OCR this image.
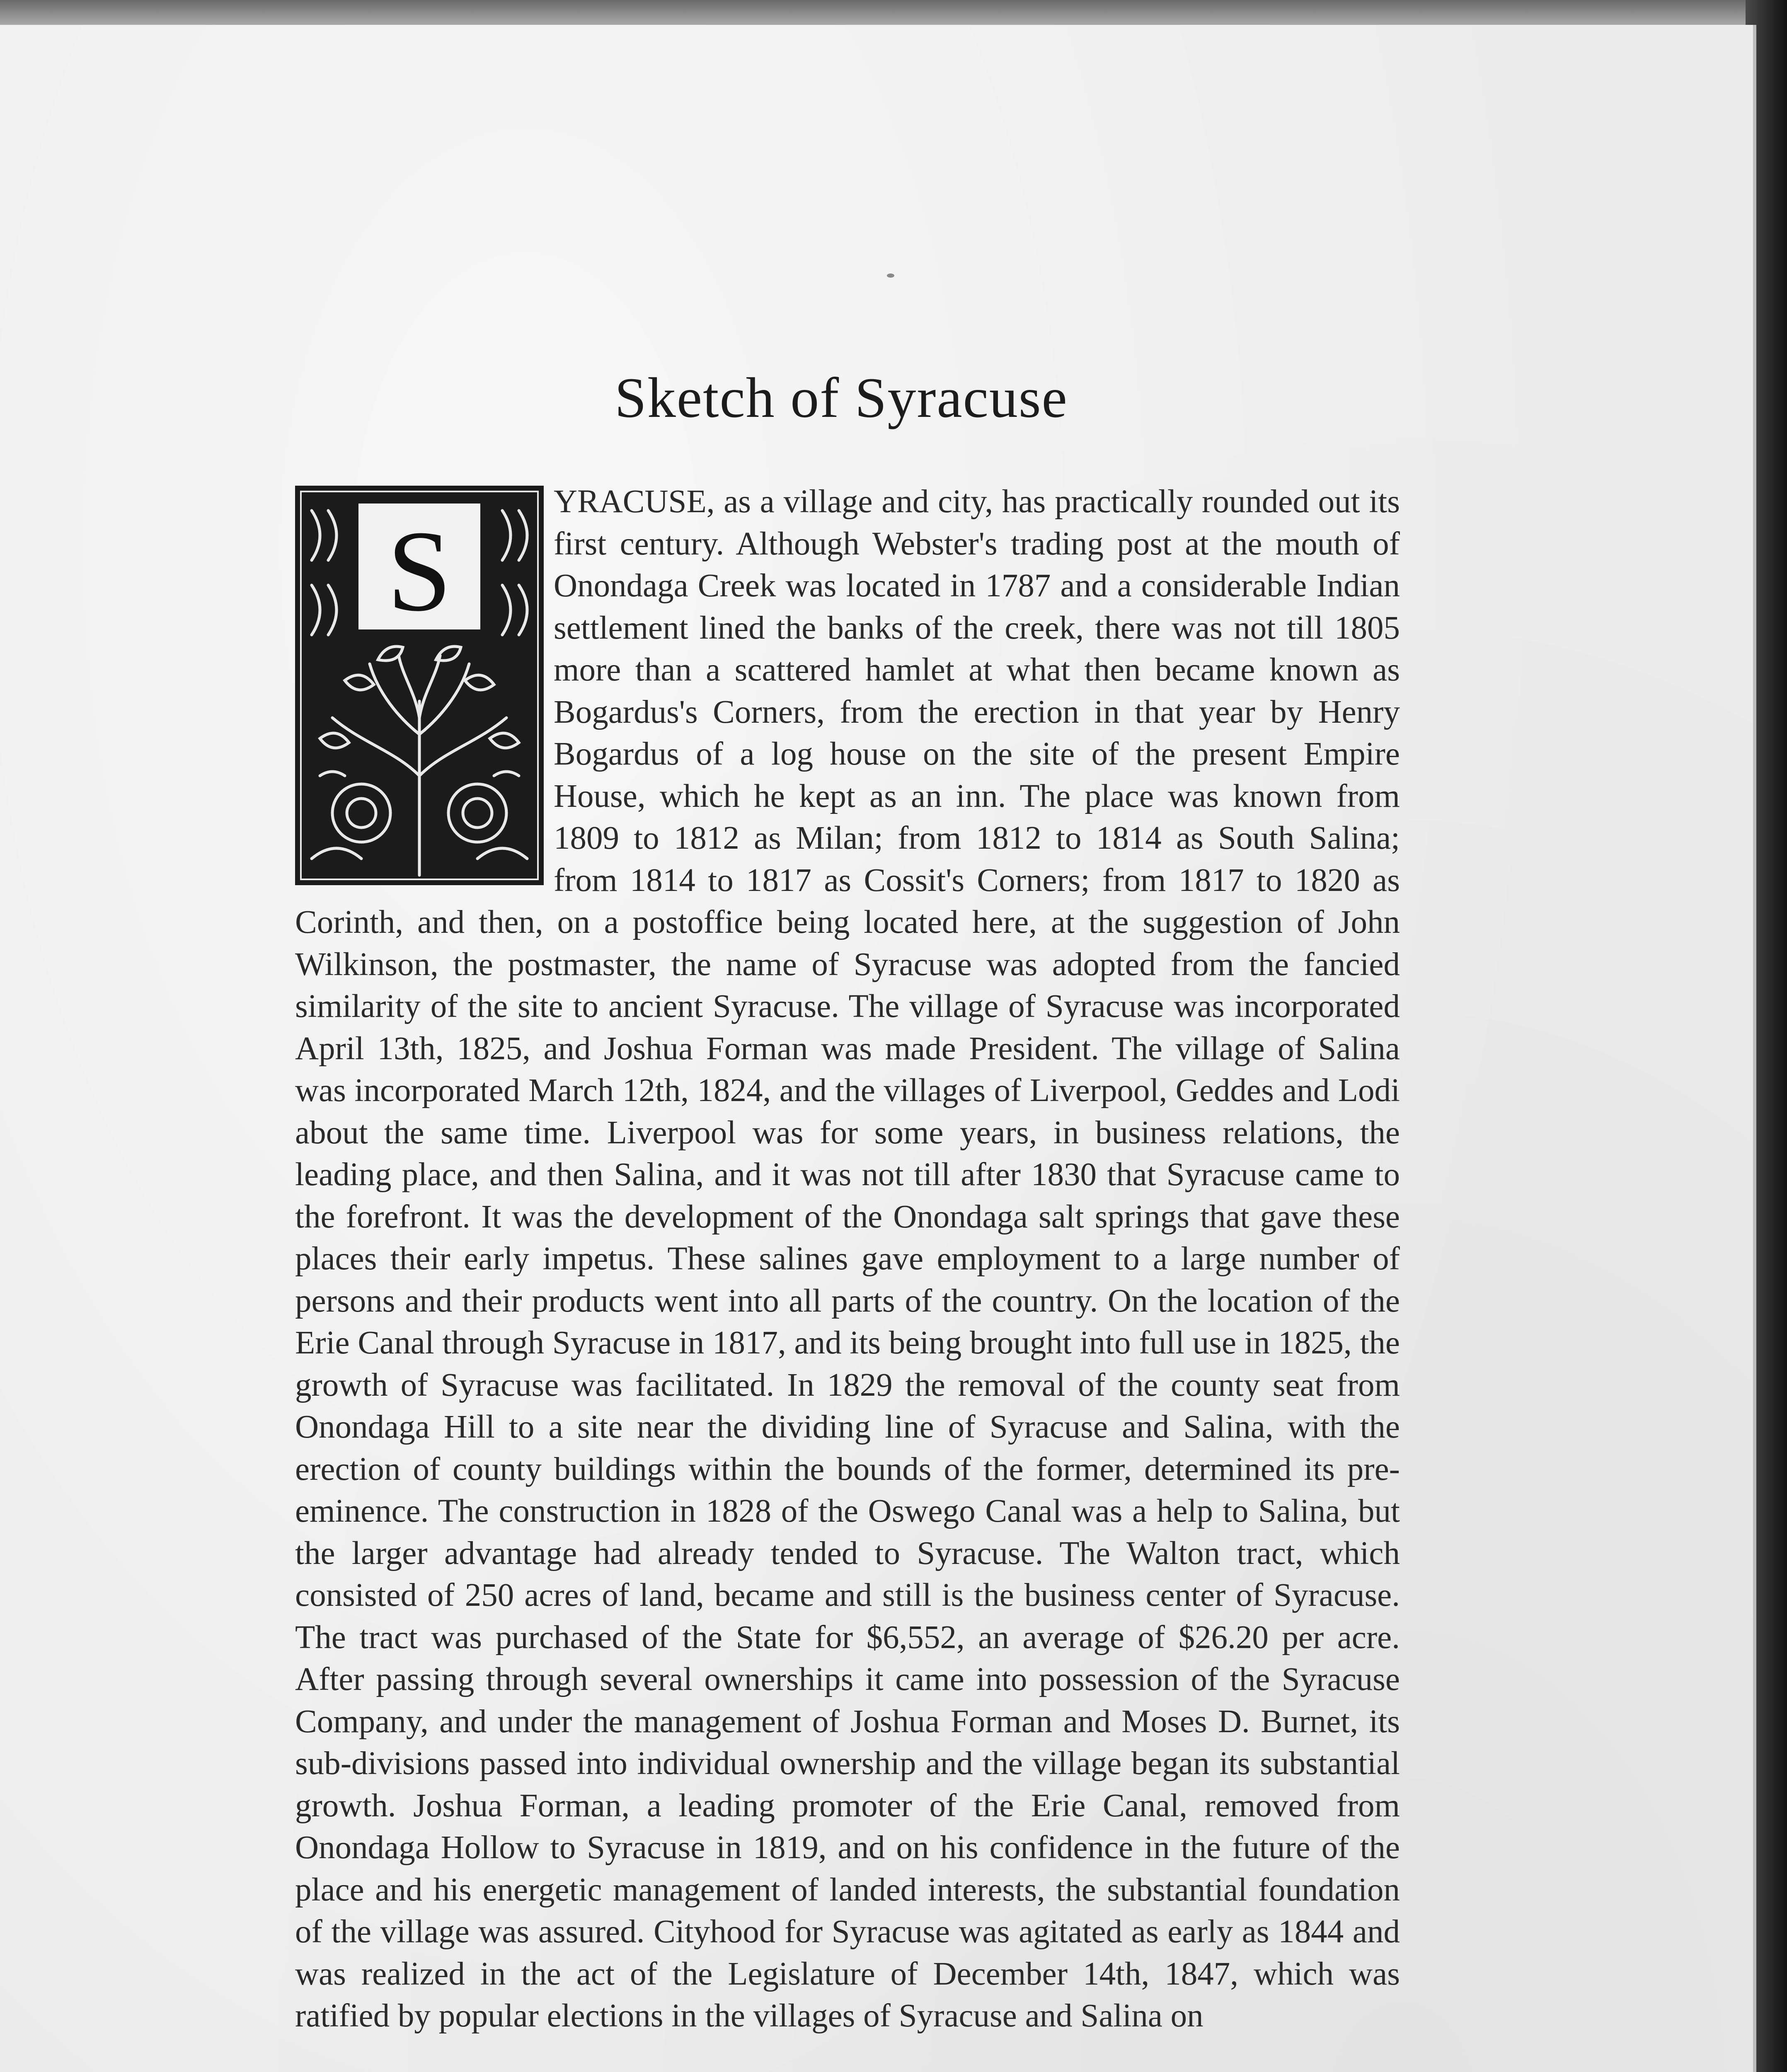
Sketch of Syracuse
S
YRACUSE, as a village and city, has practically rounded out its first century. Although Webster's trading post at the mouth of Onondaga Creek was located in 1787 and a considerable Indian settlement lined the banks of the creek, there was not till 1805 more than a scattered hamlet at what then became known as Bogardus's Corners, from the erection in that year by Henry Bogardus of a log house on the site of the present Empire House, which he kept as an inn. The place was known from 1809 to 1812 as Milan; from 1812 to 1814 as South Salina; from 1814 to 1817 as Cossit's Corners; from 1817 to 1820 as Corinth, and then, on a postoffice being located here, at the suggestion of John Wilkinson, the postmaster, the name of Syracuse was adopted from the fancied similarity of the site to ancient Syracuse. The village of Syracuse was incorporated April 13th, 1825, and Joshua Forman was made President. The village of Salina was incorporated March 12th, 1824, and the villages of Liverpool, Geddes and Lodi about the same time. Liverpool was for some years, in business relations, the leading place, and then Salina, and it was not till after 1830 that Syracuse came to the forefront. It was the development of the Onondaga salt springs that gave these places their early impetus. These salines gave employment to a large number of persons and their products went into all parts of the country. On the location of the Erie Canal through Syracuse in 1817, and its being brought into full use in 1825, the growth of Syracuse was facilitated. In 1829 the removal of the county seat from Onondaga Hill to a site near the dividing line of Syracuse and Salina, with the erection of county buildings within the bounds of the former, determined its pre-eminence. The construction in 1828 of the Oswego Canal was a help to Salina, but the larger advantage had already tended to Syracuse. The Walton tract, which consisted of 250 acres of land, became and still is the business center of Syracuse. The tract was purchased of the State for $6,552, an average of $26.20 per acre. After passing through several ownerships it came into possession of the Syracuse Company, and under the management of Joshua Forman and Moses D. Burnet, its sub-divisions passed into individual ownership and the village began its substantial growth. Joshua Forman, a leading promoter of the Erie Canal, removed from Onondaga Hollow to Syracuse in 1819, and on his confidence in the future of the place and his energetic management of landed interests, the substantial foundation of the village was assured. Cityhood for Syracuse was agitated as early as 1844 and was realized in the act of the Legislature of December 14th, 1847, which was ratified by popular elections in the villages of Syracuse and Salina on
